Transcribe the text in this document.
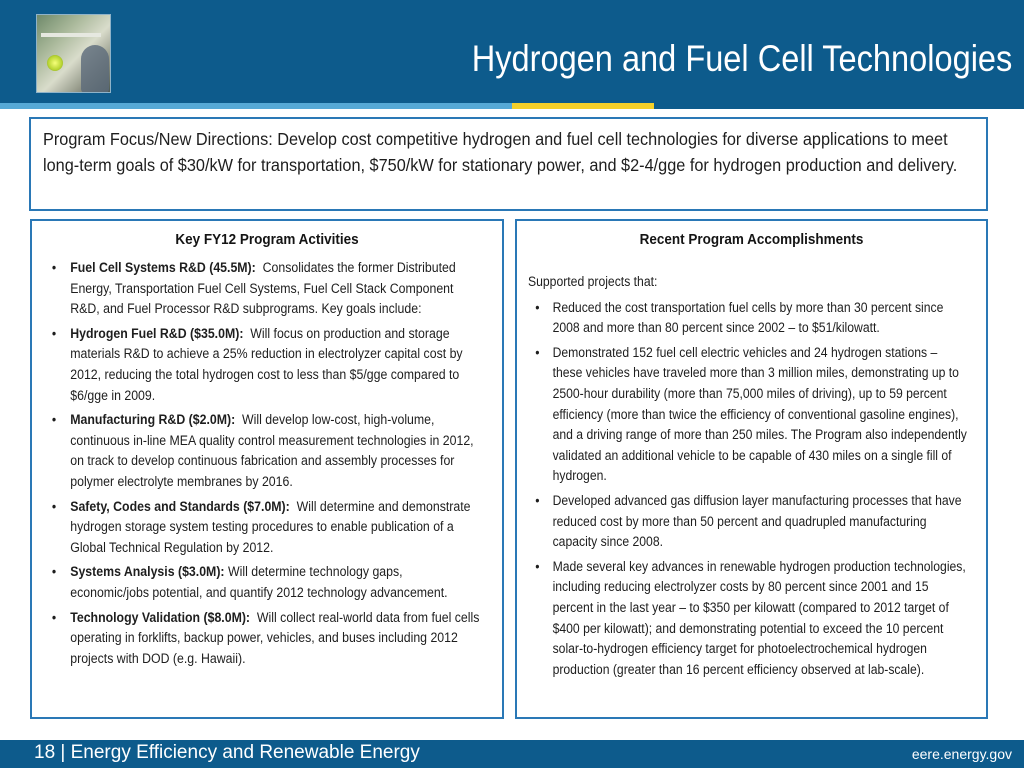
Hydrogen and Fuel Cell Technologies
Program Focus/New Directions: Develop cost competitive hydrogen and fuel cell technologies for diverse applications to meet long-term goals of $30/kW for transportation, $750/kW for stationary power, and $2-4/gge for hydrogen production and delivery.
Key FY12 Program Activities
• Fuel Cell Systems R&D (45.5M): Consolidates the former Distributed Energy, Transportation Fuel Cell Systems, Fuel Cell Stack Component R&D, and Fuel Processor R&D subprograms. Key goals include:
• Hydrogen Fuel R&D ($35.0M): Will focus on production and storage materials R&D to achieve a 25% reduction in electrolyzer capital cost by 2012, reducing the total hydrogen cost to less than $5/gge compared to $6/gge in 2009.
• Manufacturing R&D ($2.0M): Will develop low-cost, high-volume, continuous in-line MEA quality control measurement technologies in 2012, on track to develop continuous fabrication and assembly processes for polymer electrolyte membranes by 2016.
• Safety, Codes and Standards ($7.0M): Will determine and demonstrate hydrogen storage system testing procedures to enable publication of a Global Technical Regulation by 2012.
• Systems Analysis ($3.0M): Will determine technology gaps, economic/jobs potential, and quantify 2012 technology advancement.
• Technology Validation ($8.0M): Will collect real-world data from fuel cells operating in forklifts, backup power, vehicles, and buses including 2012 projects with DOD (e.g. Hawaii).
Recent Program Accomplishments
Supported projects that:
• Reduced the cost transportation fuel cells by more than 30 percent since 2008 and more than 80 percent since 2002 – to $51/kilowatt.
• Demonstrated 152 fuel cell electric vehicles and 24 hydrogen stations – these vehicles have traveled more than 3 million miles, demonstrating up to 2500-hour durability (more than 75,000 miles of driving), up to 59 percent efficiency (more than twice the efficiency of conventional gasoline engines), and a driving range of more than 250 miles. The Program also independently validated an additional vehicle to be capable of 430 miles on a single fill of hydrogen.
• Developed advanced gas diffusion layer manufacturing processes that have reduced cost by more than 50 percent and quadrupled manufacturing capacity since 2008.
• Made several key advances in renewable hydrogen production technologies, including reducing electrolyzer costs by 80 percent since 2001 and 15 percent in the last year – to $350 per kilowatt (compared to 2012 target of $400 per kilowatt); and demonstrating potential to exceed the 10 percent solar-to-hydrogen efficiency target for photoelectrochemical hydrogen production (greater than 16 percent efficiency observed at lab-scale).
18 | Energy Efficiency and Renewable Energy	eere.energy.gov
